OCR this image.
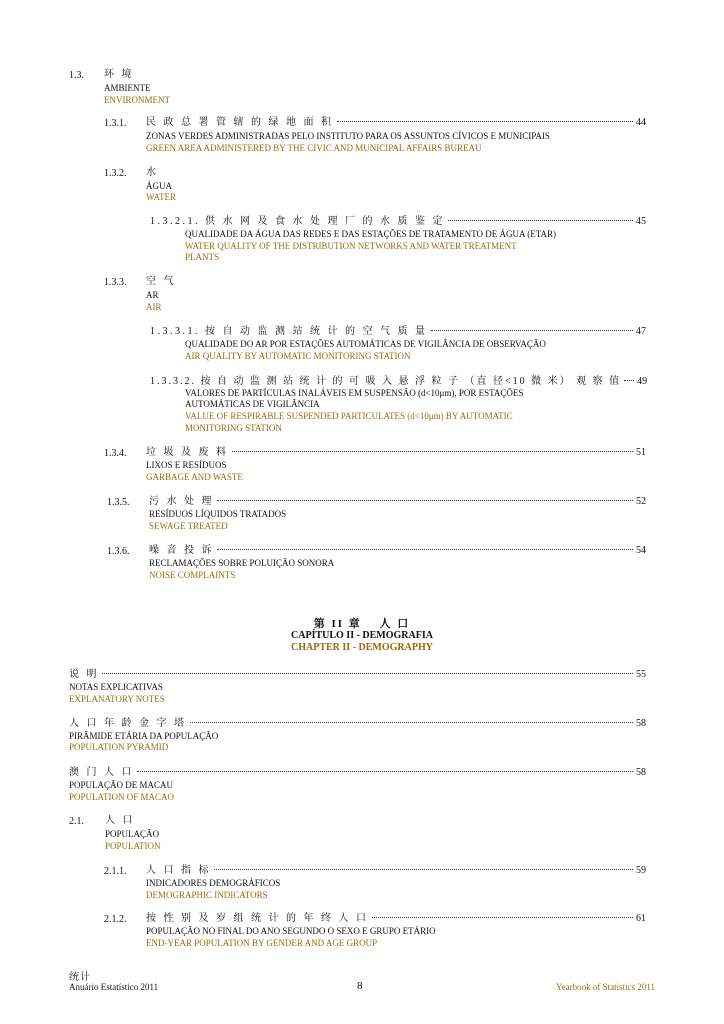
1.3. 环 境
AMBIENTE
ENVIRONMENT
1.3.1. 民 政 总 署 管 辖 的 绿 地 面 积	44
ZONAS VERDES ADMINISTRADAS PELO INSTITUTO PARA OS ASSUNTOS CÍVICOS E MUNICIPAIS
GREEN AREA ADMINISTERED BY THE CIVIC AND MUNICIPAL AFFAIRS BUREAU
1.3.2. 水
ÁGUA
WATER
1.3.2.1. 供 水 网 及 食 水 处 理 厂 的 水 质 鉴 定	45
QUALIDADE DA ÁGUA DAS REDES E DAS ESTAÇÕES DE TRATAMENTO DE ÁGUA (ETAR)
WATER QUALITY OF THE DISTRIBUTION NETWORKS AND WATER TREATMENT
PLANTS
1.3.3. 空 气
AR
AIR
1.3.3.1. 按 自 动 监 测 站 统 计 的 空 气 质 量	47
QUALIDADE DO AR POR ESTAÇÕES AUTOMÁTICAS DE VIGILÂNCIA DE OBSERVAÇÃO
AIR QUALITY BY AUTOMATIC MONITORING STATION
1.3.3.2. 按 自 动 监 测 站 统 计 的 可 吸 入 悬 浮 粒 子 （直 径<10 微 米） 观 察 值 49
VALORES DE PARTÍCULAS INALÁVEIS EM SUSPENSÃO (d<10μm), POR ESTAÇÕES
AUTOMÁTICAS DE VIGILÂNCIA
VALUE OF RESPIRABLE SUSPENDED PARTICULATES (d<10μm) BY AUTOMATIC
MONITORING STATION
1.3.4. 垃 圾 及 废 料	51
LIXOS E RESÍDUOS
GARBAGE AND WASTE
1.3.5. 污 水 处 理	52
RESÍDUOS LÍQUIDOS TRATADOS
SEWAGE TREATED
1.3.6. 噪 音 投 诉	54
RECLAMAÇÕES SOBRE POLUIÇÃO SONORA
NOISE COMPLAINTS
第 II 章　 人 口
CAPÍTULO II - DEMOGRAFIA
CHAPTER II - DEMOGRAPHY
说 明	55
NOTAS EXPLICATIVAS
EXPLANATORY NOTES
人 口 年 龄 金 字 塔	58
PIRÂMIDE ETÁRIA DA POPULAÇÃO
POPULATION PYRAMID
澳 门 人 口	58
POPULAÇÃO DE MACAU
POPULATION OF MACAO
2.1. 人 口
POPULAÇÃO
POPULATION
2.1.1. 人 口 指 标	59
INDICADORES DEMOGRÁFICOS
DEMOGRAPHIC INDICATORS
2.1.2. 按 性 别 及 岁 组 统 计 的 年 终 人 口	61
POPULAÇÃO NO FINAL DO ANO SEGUNDO O SEXO E GRUPO ETÁRIO
END-YEAR POPULATION BY GENDER AND AGE GROUP
统计
Anuário Estatístico 2011	8	Yearbook of Statistics 2011
